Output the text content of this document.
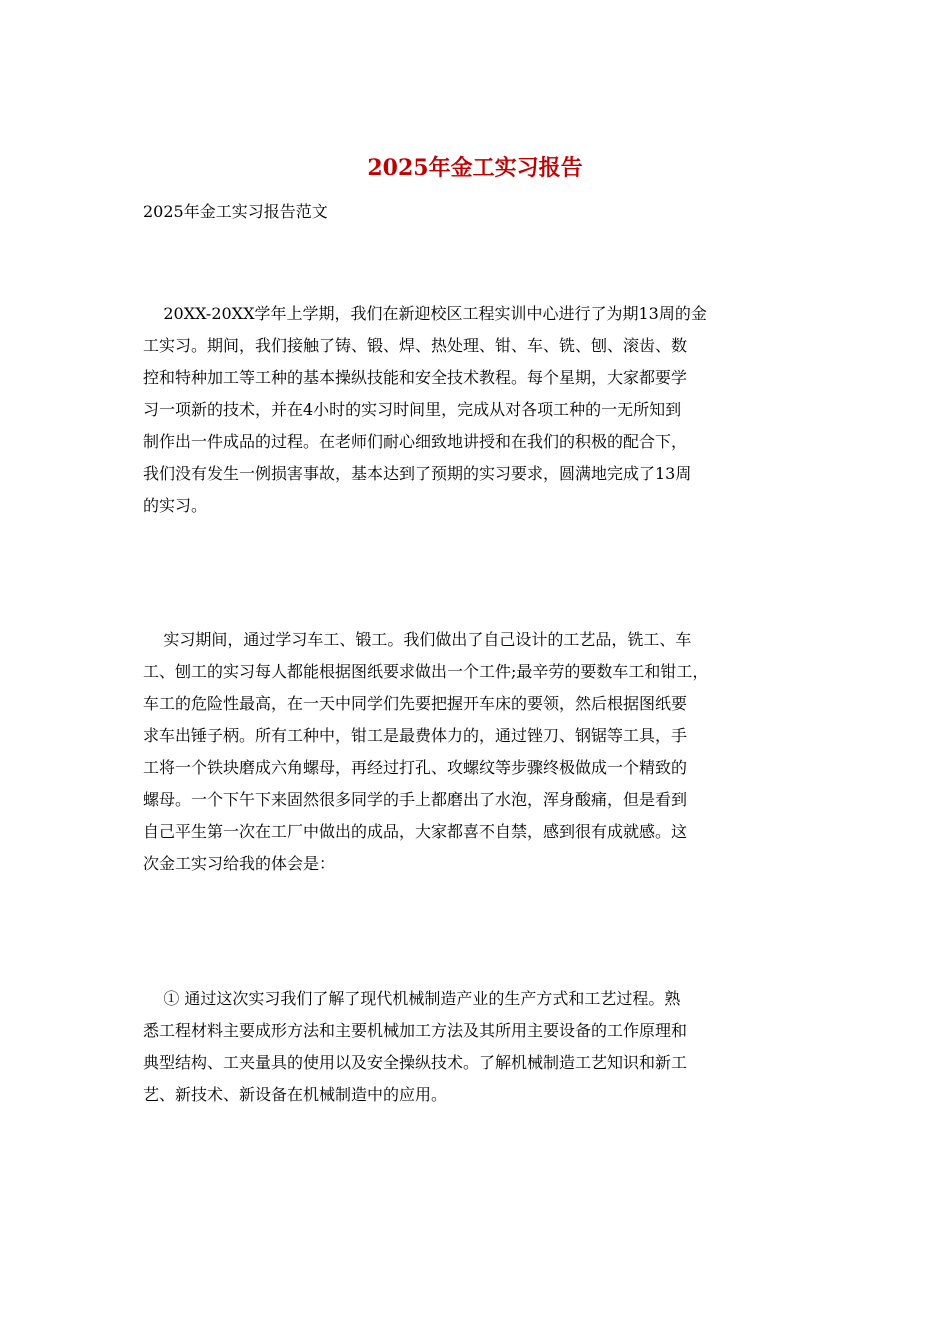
2025年金工实习报告
2025年金工实习报告范文
20XX-20XX学年上学期，我们在新迎校区工程实训中心进行了为期13周的金
工实习。期间，我们接触了铸、锻、焊、热处理、钳、车、铣、刨、滚齿、数
控和特种加工等工种的基本操纵技能和安全技术教程。每个星期，大家都要学
习一项新的技术，并在4小时的实习时间里，完成从对各项工种的一无所知到
制作出一件成品的过程。在老师们耐心细致地讲授和在我们的积极的配合下，
我们没有发生一例损害事故，基本达到了预期的实习要求，圆满地完成了13周
的实习。
实习期间，通过学习车工、锻工。我们做出了自己设计的工艺品，铣工、车
工、刨工的实习每人都能根据图纸要求做出一个工件;最辛劳的要数车工和钳工，
车工的危险性最高，在一天中同学们先要把握开车床的要领，然后根据图纸要
求车出锤子柄。所有工种中，钳工是最费体力的，通过锉刀、钢锯等工具，手
工将一个铁块磨成六角螺母，再经过打孔、攻螺纹等步骤终极做成一个精致的
螺母。一个下午下来固然很多同学的手上都磨出了水泡，浑身酸痛，但是看到
自己平生第一次在工厂中做出的成品，大家都喜不自禁，感到很有成就感。这
次金工实习给我的体会是：
① 通过这次实习我们了解了现代机械制造产业的生产方式和工艺过程。熟
悉工程材料主要成形方法和主要机械加工方法及其所用主要设备的工作原理和
典型结构、工夹量具的使用以及安全操纵技术。了解机械制造工艺知识和新工
艺、新技术、新设备在机械制造中的应用。
